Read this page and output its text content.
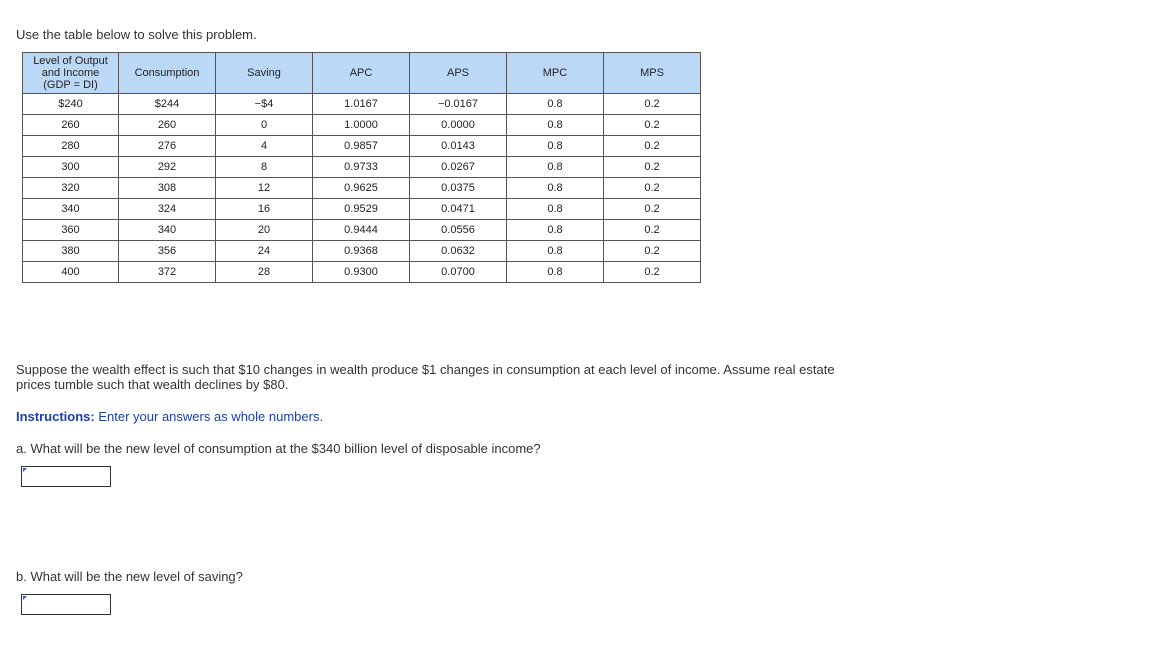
Use the table below to solve this problem.
Level of Output
and Income
(GDP = DI)	Consumption	Saving	APC	APS	MPC	MPS
$240	$244	−$4	1.0167	−0.0167	0.8	0.2
260	260	0	1.0000	0.0000	0.8	0.2
280	276	4	0.9857	0.0143	0.8	0.2
300	292	8	0.9733	0.0267	0.8	0.2
320	308	12	0.9625	0.0375	0.8	0.2
340	324	16	0.9529	0.0471	0.8	0.2
360	340	20	0.9444	0.0556	0.8	0.2
380	356	24	0.9368	0.0632	0.8	0.2
400	372	28	0.9300	0.0700	0.8	0.2
Suppose the wealth effect is such that $10 changes in wealth produce $1 changes in consumption at each level of income. Assume real estate prices tumble such that wealth declines by $80.
Instructions: Enter your answers as whole numbers.
a. What will be the new level of consumption at the $340 billion level of disposable income?
b. What will be the new level of saving?
